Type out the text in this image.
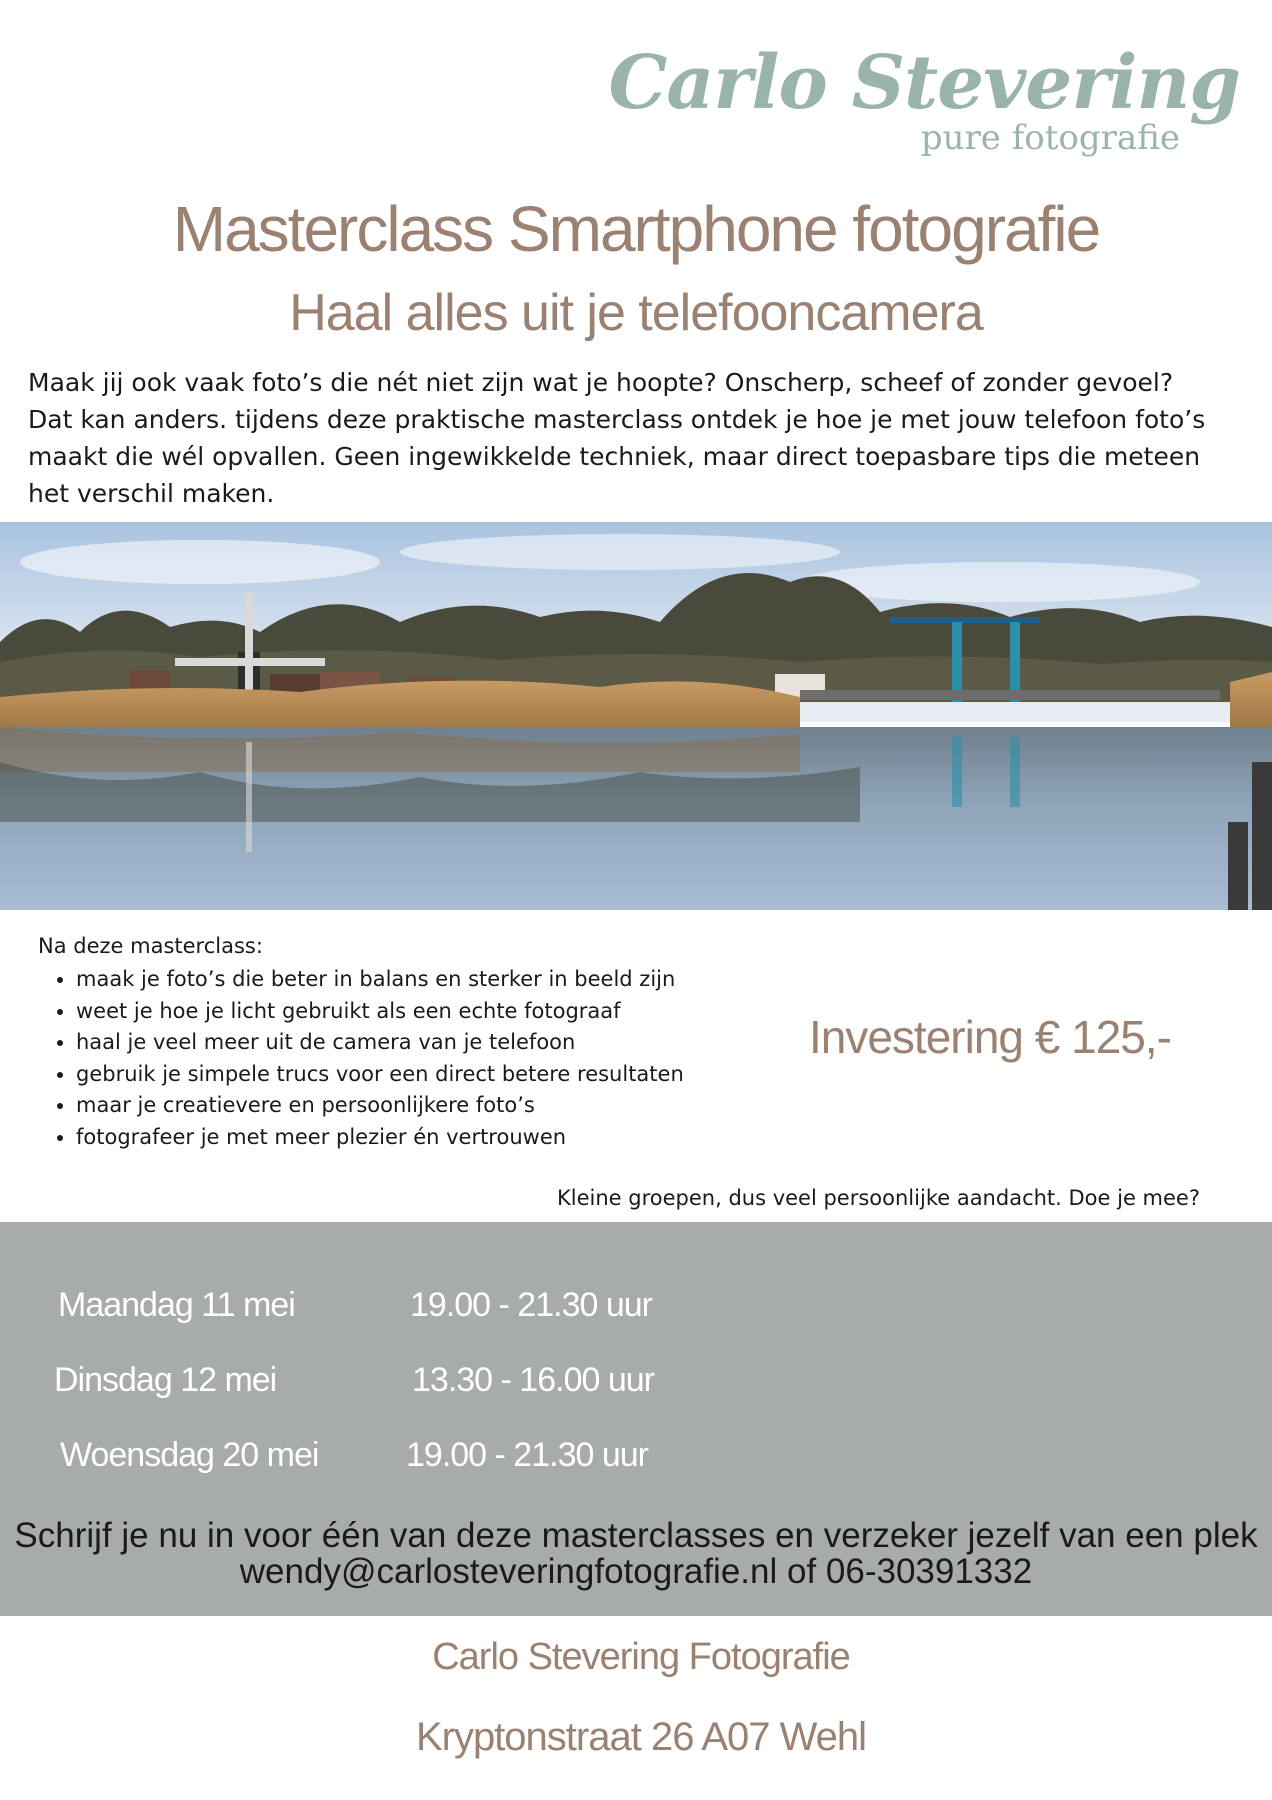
Carlo Stevering
pure fotografie
Masterclass Smartphone fotografie
Haal alles uit je telefooncamera

Maak jij ook vaak foto’s die nét niet zijn wat je hoopte? Onscherp, scheef of zonder gevoel?

Dat kan anders. tijdens deze praktische masterclass ontdek je hoe je met jouw telefoon foto’s maakt die wél opvallen. Geen ingewikkelde techniek, maar direct toepasbare tips die meteen het verschil maken.

Na deze masterclass:
• maak je foto’s die beter in balans en sterker in beeld zijn
• weet je hoe je licht gebruikt als een echte fotograaf
• haal je veel meer uit de camera van je telefoon
• gebruik je simpele trucs voor een direct betere resultaten
• maar je creatievere en persoonlijkere foto’s
• fotografeer je met meer plezier én vertrouwen
Investering € 125,-
Kleine groepen, dus veel persoonlijke aandacht. Doe je mee?
Maandag 11 mei	19.00 - 21.30 uur
Dinsdag 12 mei	13.30 - 16.00 uur
Woensdag 20 mei	19.00 - 21.30 uur
Schrijf je nu in voor één van deze masterclasses en verzeker jezelf van een plek
wendy@carlosteveringfotografie.nl of 06-30391332
Carlo Stevering Fotografie
Kryptonstraat 26 A07 Wehl
